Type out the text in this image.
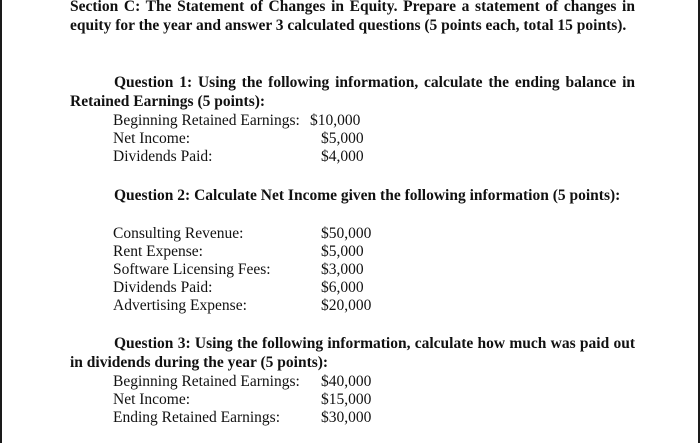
Section C: The Statement of Changes in Equity. Prepare a statement of changes in equity for the year and answer 3 calculated questions (5 points each, total 15 points).
Question 1: Using the following information, calculate the ending balance in Retained Earnings (5 points):
Beginning Retained Earnings: $10,000
Net Income:	$5,000
Dividends Paid:	$4,000
Question 2: Calculate Net Income given the following information (5 points):
Consulting Revenue:	$50,000
Rent Expense:	$5,000
Software Licensing Fees:	$3,000
Dividends Paid:	$6,000
Advertising Expense:	$20,000
Question 3: Using the following information, calculate how much was paid out in dividends during the year (5 points):
Beginning Retained Earnings: $40,000
Net Income:	$15,000
Ending Retained Earnings:	$30,000
